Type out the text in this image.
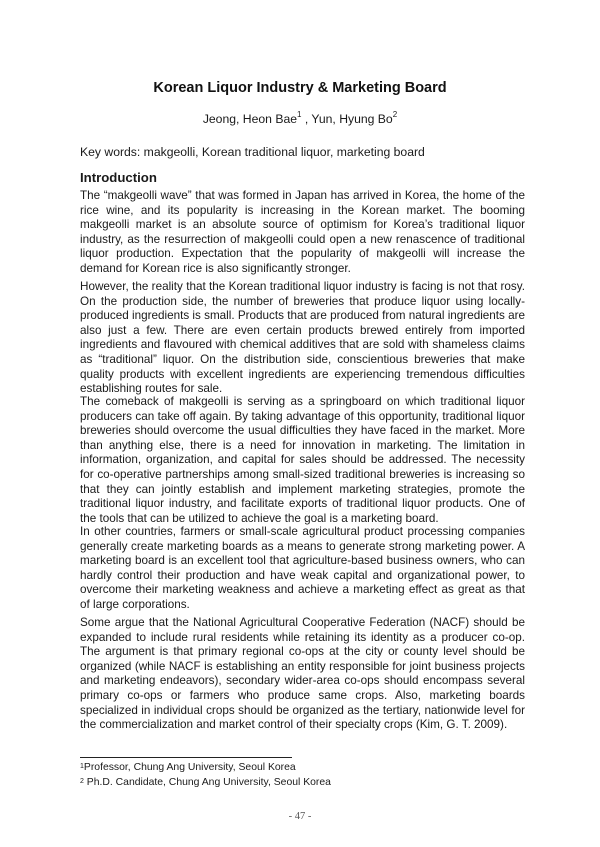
Korean Liquor Industry & Marketing Board
Jeong, Heon Bae$^1$ , Yun, Hyung Bo$^2$
Key words: makgeolli, Korean traditional liquor, marketing board
Introduction

The “makgeolli wave” that was formed in Japan has arrived in Korea, the home of the rice wine, and its popularity is increasing in the Korean market. The booming makgeolli market is an absolute source of optimism for Korea’s traditional liquor industry, as the resurrection of makgeolli could open a new renascence of traditional liquor production. Expectation that the popularity of makgeolli will increase the demand for Korean rice is also significantly stronger.

However, the reality that the Korean traditional liquor industry is facing is not that rosy. On the production side, the number of breweries that produce liquor using locally-produced ingredients is small. Products that are produced from natural ingredients are also just a few. There are even certain products brewed entirely from imported ingredients and flavoured with chemical additives that are sold with shameless claims as “traditional” liquor. On the distribution side, conscientious breweries that make quality products with excellent ingredients are experiencing tremendous difficulties establishing routes for sale.

The comeback of makgeolli is serving as a springboard on which traditional liquor producers can take off again. By taking advantage of this opportunity, traditional liquor breweries should overcome the usual difficulties they have faced in the market. More than anything else, there is a need for innovation in marketing. The limitation in information, organization, and capital for sales should be addressed. The necessity for co-operative partnerships among small-sized traditional breweries is increasing so that they can jointly establish and implement marketing strategies, promote the traditional liquor industry, and facilitate exports of traditional liquor products. One of the tools that can be utilized to achieve the goal is a marketing board.

In other countries, farmers or small-scale agricultural product processing companies generally create marketing boards as a means to generate strong marketing power. A marketing board is an excellent tool that agriculture-based business owners, who can hardly control their production and have weak capital and organizational power, to overcome their marketing weakness and achieve a marketing effect as great as that of large corporations.

Some argue that the National Agricultural Cooperative Federation (NACF) should be expanded to include rural residents while retaining its identity as a producer co-op. The argument is that primary regional co-ops at the city or county level should be organized (while NACF is establishing an entity responsible for joint business projects and marketing endeavors), secondary wider-area co-ops should encompass several primary co-ops or farmers who produce same crops. Also, marketing boards specialized in individual crops should be organized as the tertiary, nationwide level for the commercialization and market control of their specialty crops (Kim, G. T. 2009).

$^1$Professor, Chung Ang University, Seoul Korea
$^2$ Ph.D. Candidate, Chung Ang University, Seoul Korea
- 47 -
